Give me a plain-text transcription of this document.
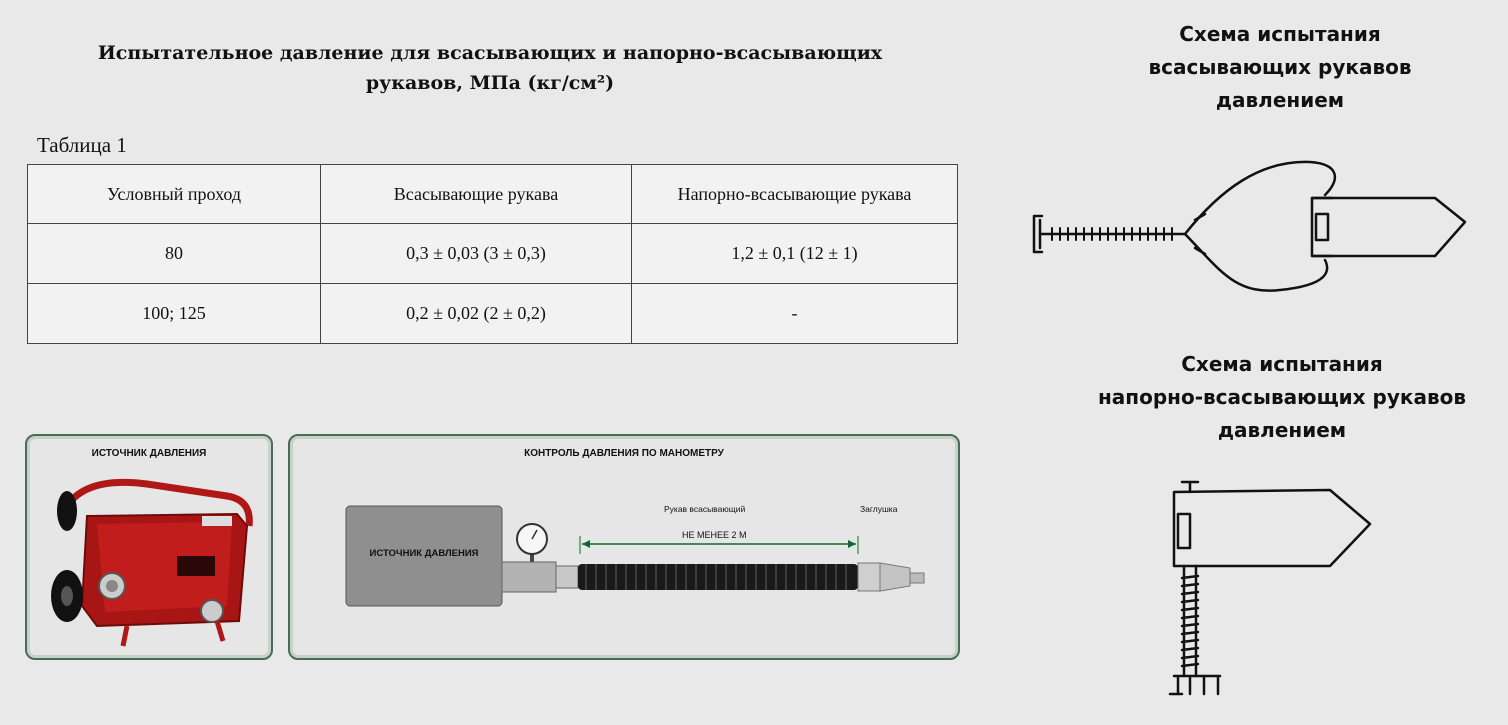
Испытательное давление для всасывающих и напорно-всасывающих
рукавов, МПа (кг/см²)
Таблица 1
Условный проход	Всасывающие рукава	Напорно-всасывающие рукава
80	0,3 ± 0,03 (3 ± 0,3)	1,2 ± 0,1 (12 ± 1)
100; 125	0,2 ± 0,02 (2 ± 0,2)	-
ИСТОЧНИК ДАВЛЕНИЯ	КОНТРОЛЬ ДАВЛЕНИЯ ПО МАНОМЕТРУ
ИСТОЧНИК ДАВЛЕНИЯ
Рукав всасывающий	Заглушка
НЕ МЕНЕЕ 2 М
Схема испытания
всасывающих рукавов
давлением
Схема испытания
напорно-всасывающих рукавов
давлением
